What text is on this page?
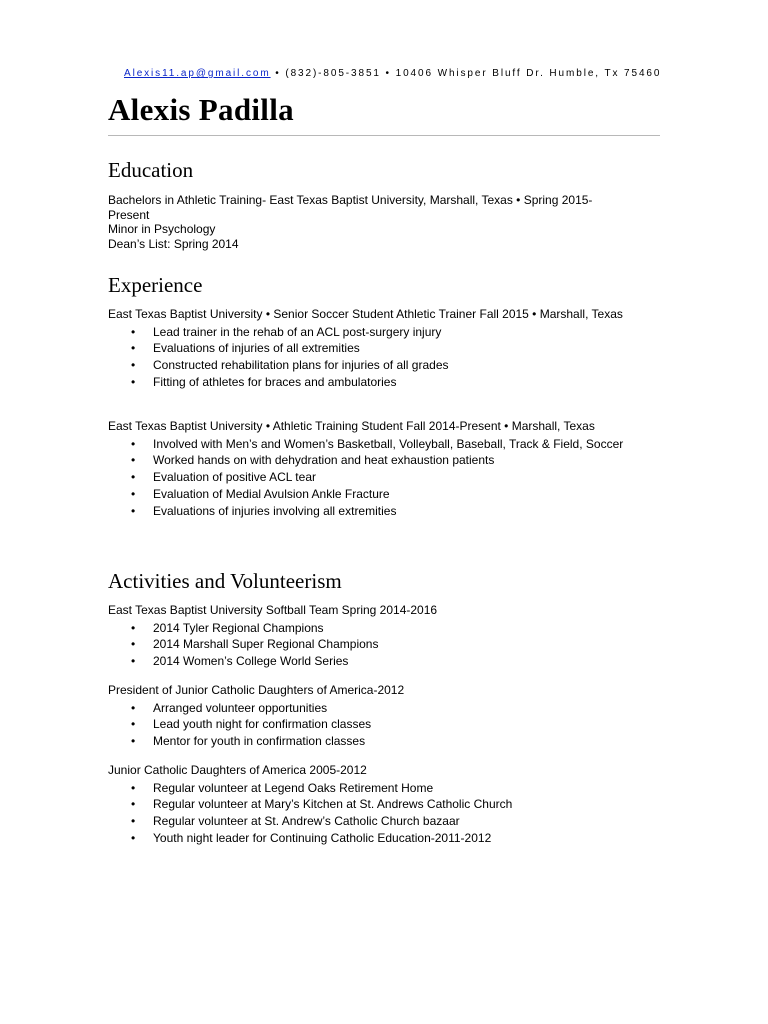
Alexis11.ap@gmail.com • (832)-805-3851 • 10406 Whisper Bluff Dr. Humble, Tx 75460
Alexis Padilla
Education
Bachelors in Athletic Training- East Texas Baptist University, Marshall, Texas • Spring 2015-
Present
Minor in Psychology
Dean’s List: Spring 2014
Experience
East Texas Baptist University • Senior Soccer Student Athletic Trainer Fall 2015 • Marshall, Texas
• Lead trainer in the rehab of an ACL post-surgery injury
• Evaluations of injuries of all extremities
• Constructed rehabilitation plans for injuries of all grades
• Fitting of athletes for braces and ambulatories
East Texas Baptist University • Athletic Training Student Fall 2014-Present • Marshall, Texas
• Involved with Men’s and Women’s Basketball, Volleyball, Baseball, Track & Field, Soccer
• Worked hands on with dehydration and heat exhaustion patients
• Evaluation of positive ACL tear
• Evaluation of Medial Avulsion Ankle Fracture
• Evaluations of injuries involving all extremities
Activities and Volunteerism
East Texas Baptist University Softball Team Spring 2014-2016
• 2014 Tyler Regional Champions
• 2014 Marshall Super Regional Champions
• 2014 Women’s College World Series
President of Junior Catholic Daughters of America-2012
• Arranged volunteer opportunities
• Lead youth night for confirmation classes
• Mentor for youth in confirmation classes
Junior Catholic Daughters of America 2005-2012
• Regular volunteer at Legend Oaks Retirement Home
• Regular volunteer at Mary’s Kitchen at St. Andrews Catholic Church
• Regular volunteer at St. Andrew’s Catholic Church bazaar
• Youth night leader for Continuing Catholic Education-2011-2012
